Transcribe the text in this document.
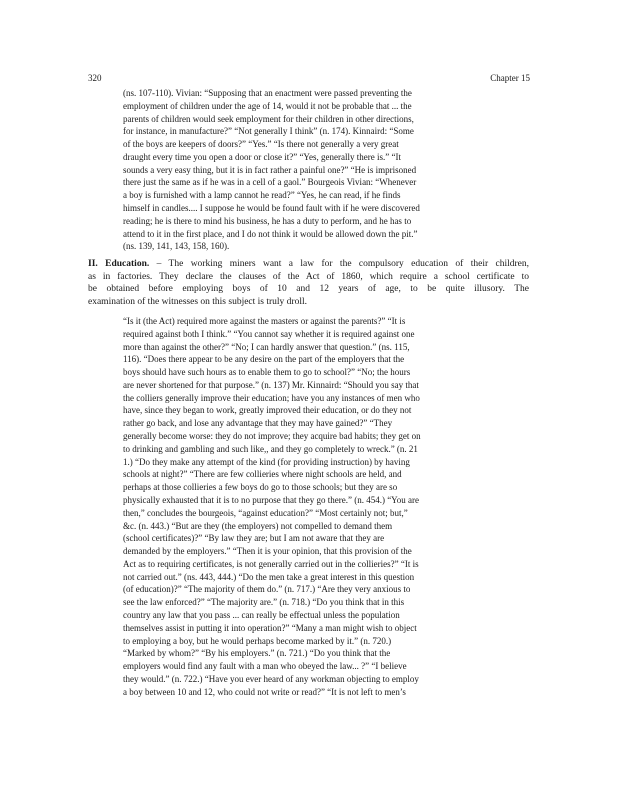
320	Chapter 15
(ns. 107-110). Vivian: “Supposing that an enactment were passed preventing the
employment of children under the age of 14, would it not be probable that ... the
parents of children would seek employment for their children in other directions,
for instance, in manufacture?” “Not generally I think” (n. 174). Kinnaird: “Some
of the boys are keepers of doors?” “Yes.” “Is there not generally a very great
draught every time you open a door or close it?” “Yes, generally there is.” “It
sounds a very easy thing, but it is in fact rather a painful one?” “He is imprisoned
there just the same as if he was in a cell of a gaol.” Bourgeois Vivian: “Whenever
a boy is furnished with a lamp cannot he read?” “Yes, he can read, if he finds
himself in candles.... I suppose he would be found fault with if he were discovered
reading; he is there to mind his business, he has a duty to perform, and he has to
attend to it in the first place, and I do not think it would be allowed down the pit.”
(ns. 139, 141, 143, 158, 160).
II. Education. – The working miners want a law for the compulsory education of their children,
as in factories. They declare the clauses of the Act of 1860, which require a school certificate to
be obtained before employing boys of 10 and 12 years of age, to be quite illusory. The
examination of the witnesses on this subject is truly droll.
“Is it (the Act) required more against the masters or against the parents?” “It is
required against both I think.” “You cannot say whether it is required against one
more than against the other?” “No; I can hardly answer that question.” (ns. 115,
116). “Does there appear to be any desire on the part of the employers that the
boys should have such hours as to enable them to go to school?” “No; the hours
are never shortened for that purpose.” (n. 137) Mr. Kinnaird: “Should you say that
the colliers generally improve their education; have you any instances of men who
have, since they began to work, greatly improved their education, or do they not
rather go back, and lose any advantage that they may have gained?” “They
generally become worse: they do not improve; they acquire bad habits; they get on
to drinking and gambling and such like,, and they go completely to wreck.” (n. 21
1.) “Do they make any attempt of the kind (for providing instruction) by having
schools at night?” “There are few collieries where night schools are held, and
perhaps at those collieries a few boys do go to those schools; but they are so
physically exhausted that it is to no purpose that they go there.” (n. 454.) “You are
then,” concludes the bourgeois, “against education?” “Most certainly not; but,”
&c. (n. 443.) “But are they (the employers) not compelled to demand them
(school certificates)?” “By law they are; but I am not aware that they are
demanded by the employers.” “Then it is your opinion, that this provision of the
Act as to requiring certificates, is not generally carried out in the collieries?” “It is
not carried out.” (ns. 443, 444.) “Do the men take a great interest in this question
(of education)?” “The majority of them do.” (n. 717.) “Are they very anxious to
see the law enforced?” “The majority are.” (n. 718.) “Do you think that in this
country any law that you pass ... can really be effectual unless the population
themselves assist in putting it into operation?” “Many a man might wish to object
to employing a boy, but he would perhaps become marked by it.” (n. 720.)
“Marked by whom?” “By his employers.” (n. 721.) “Do you think that the
employers would find any fault with a man who obeyed the law... ?” “I believe
they would.” (n. 722.) “Have you ever heard of any workman objecting to employ
a boy between 10 and 12, who could not write or read?” “It is not left to men’s
